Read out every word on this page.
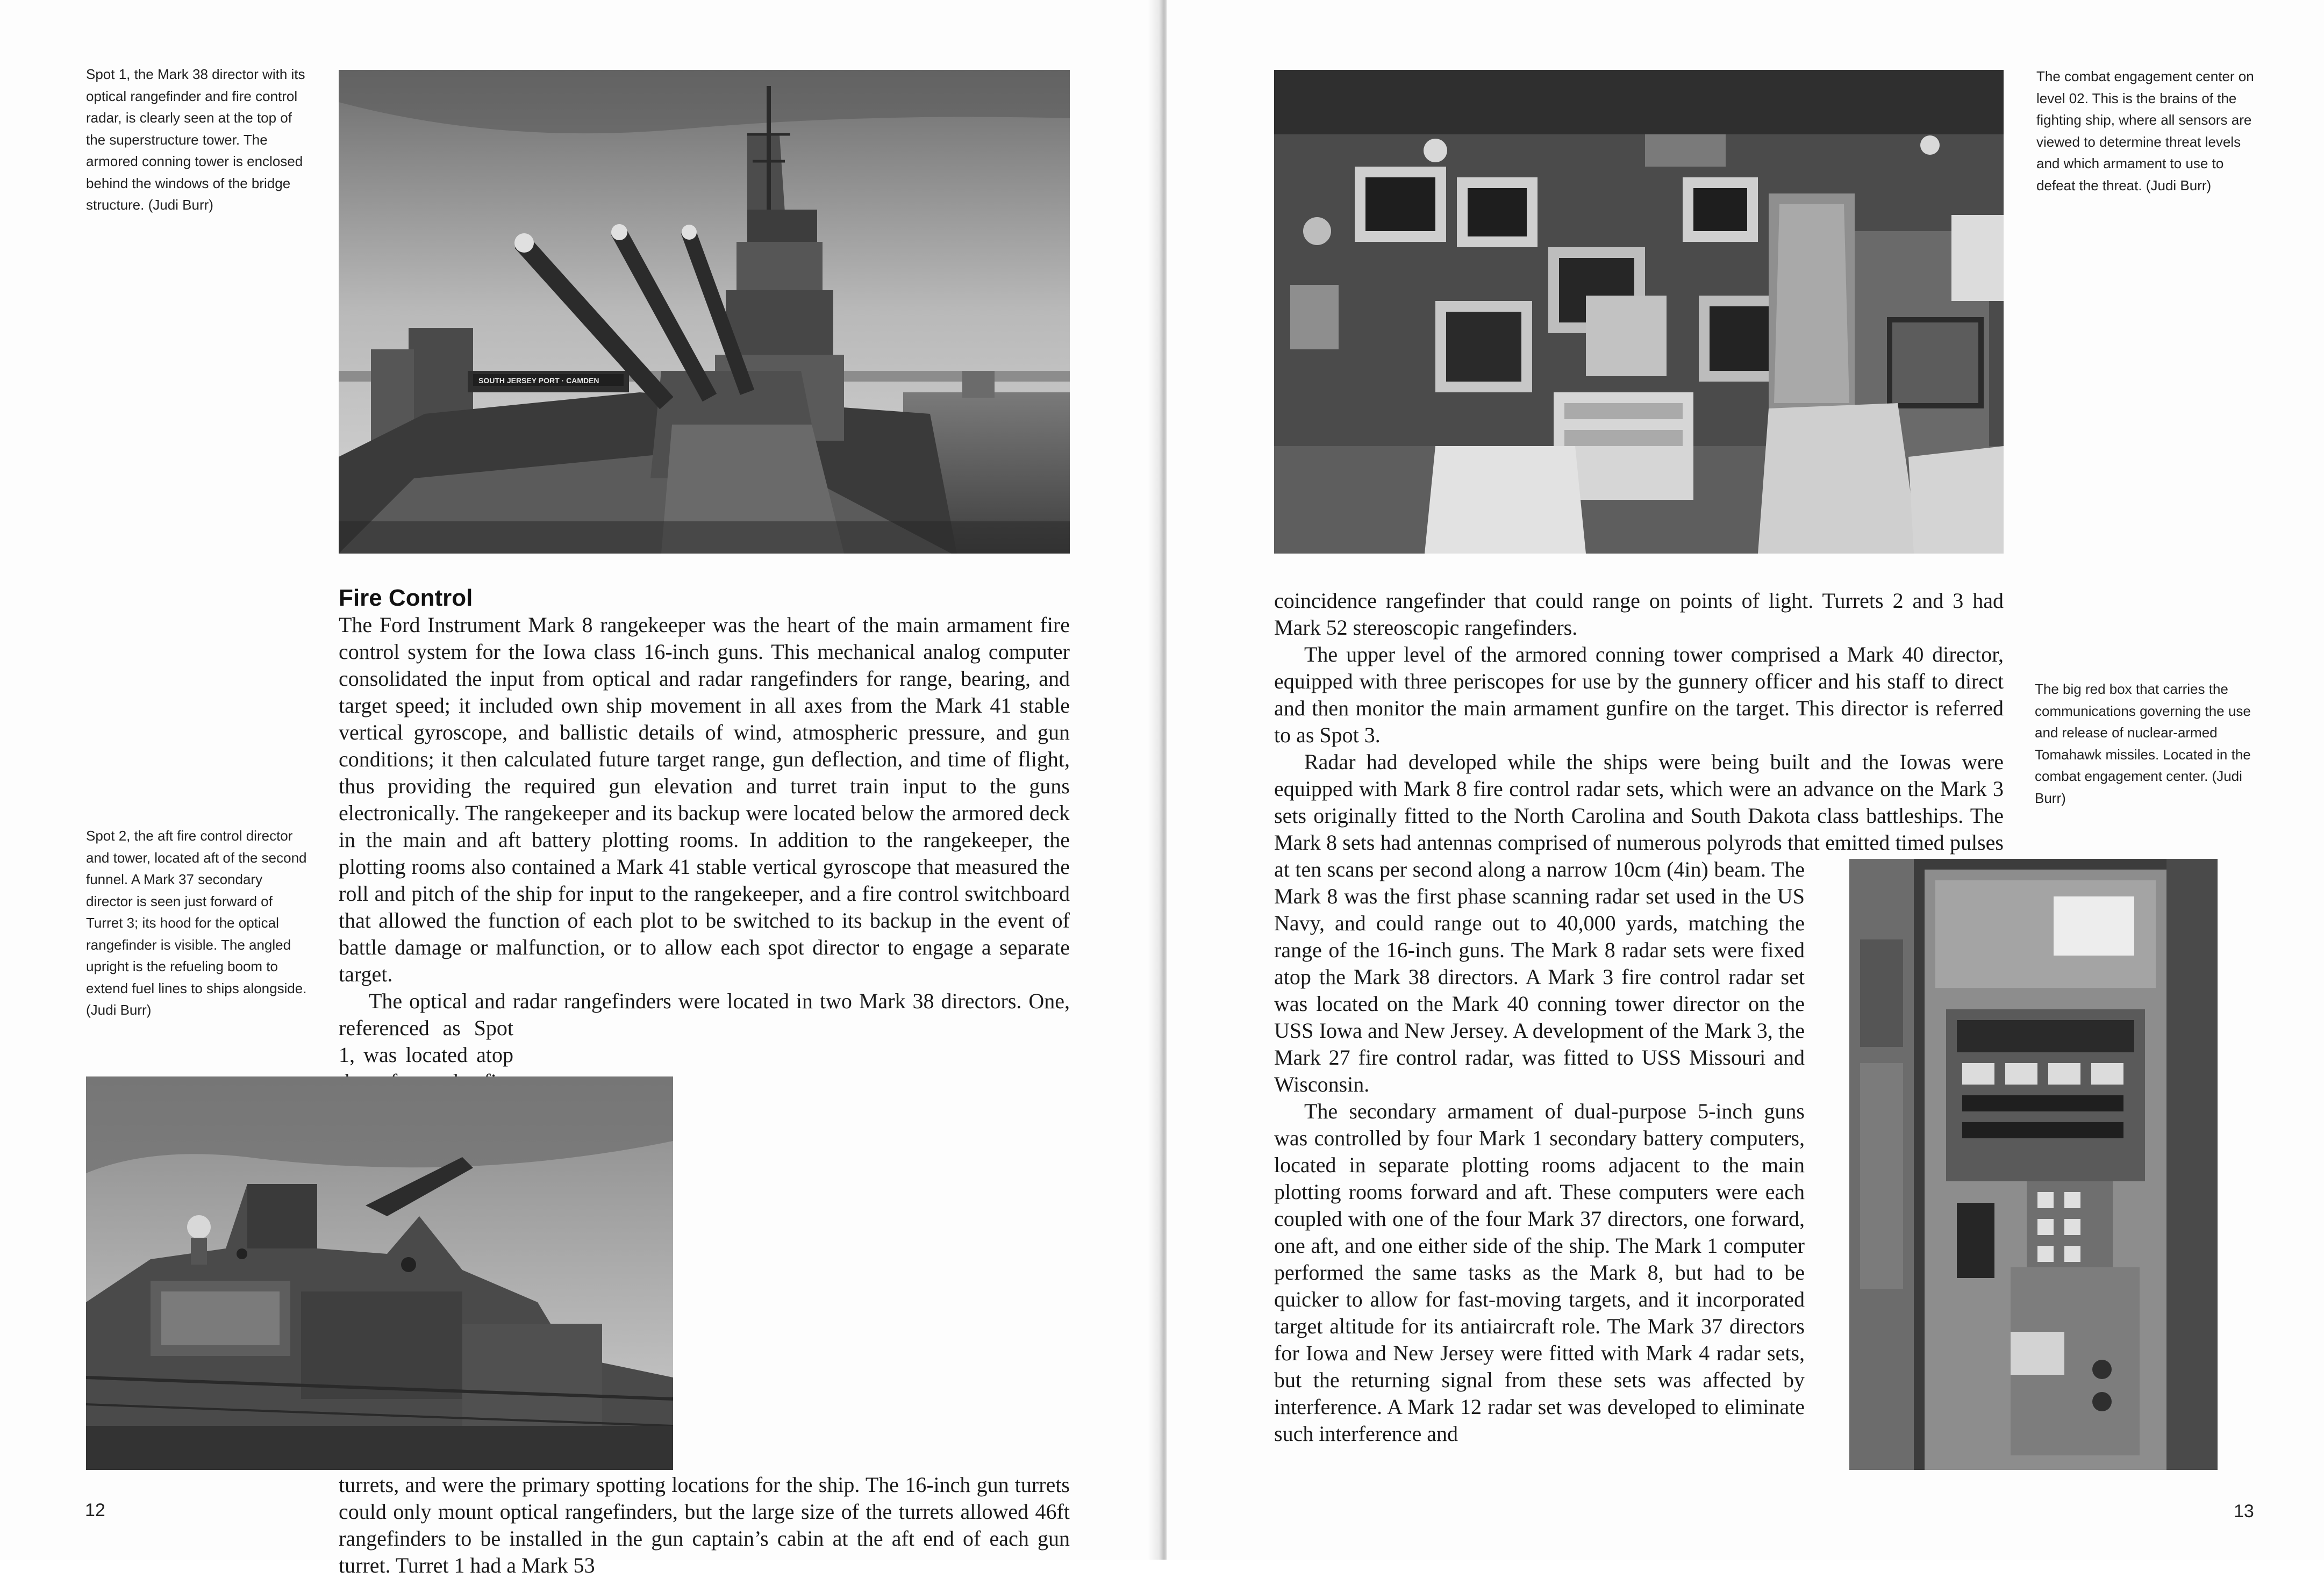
Spot 1, the Mark 38 director with its optical rangefinder and fire control radar, is clearly seen at the top of the superstructure tower. The armored conning tower is enclosed behind the windows of the bridge structure. (Judi Burr)
SOUTH JERSEY PORT · CAMDEN
Fire Control

The Ford Instrument Mark 8 rangekeeper was the heart of the main armament fire control system for the Iowa class 16-inch guns. This mechanical analog computer consolidated the input from optical and radar rangefinders for range, bearing, and target speed; it included own ship movement in all axes from the Mark 41 stable vertical gyroscope, and ballistic details of wind, atmospheric pressure, and gun conditions; it then calculated future target range, gun deflection, and time of flight, thus providing the required gun elevation and turret train input to the guns electronically. The rangekeeper and its backup were located below the armored deck in the main and aft battery plotting rooms. In addition to the rangekeeper, the plotting rooms also contained a Mark 41 stable vertical gyroscope that measured the roll and pitch of the ship for input to the rangekeeper, and a fire control switchboard that allowed the function of each plot to be switched to its backup in the event of battle damage or malfunction, or to allow each spot director to engage a separate target.

The optical and radar rangefinders were located in two Mark 38 directors. One, referenced as Spot 1, was located atop turrets, and were the primary spotting locations for the ship. The 16-inch gun turrets could only mount optical rangefinders, but the large size of the turrets allowed 46ft rangefinders to be installed in the gun captain’s cabin at the aft end of each gun turret. Turret 1 had a Mark 53

Spot 2, the aft fire control director and tower, located aft of the second funnel. A Mark 37 secondary director is seen just forward of Turret 3; its hood for the optical rangefinder is visible. The angled upright is the refueling boom to extend fuel lines to ships alongside. (Judi Burr)
12
The combat engagement center on level 02. This is the brains of the fighting ship, where all sensors are viewed to determine threat levels and which armament to use to defeat the threat. (Judi Burr)

coincidence rangefinder that could range on points of light. Turrets 2 and 3 had Mark 52 stereoscopic rangefinders.

The upper level of the armored conning tower comprised a Mark 40 director, equipped with three periscopes for use by the gunnery officer and his staff to direct and then monitor the main armament gunfire on the target. This director is referred to as Spot 3.

Radar had developed while the ships were being built and the Iowas were equipped with Mark 8 fire control radar sets, which were an advance on the Mark 3 sets originally fitted to the North Carolina and South Dakota class battleships. The Mark 8 sets had antennas comprised of numerous polyrods that emitted timed pulses at ten scans per second along a narrow 10cm (4in) beam. The Mark 8 was the first phase scanning radar set used in the US Navy, and could range out to 40,000 yards, matching the range of the 16-inch guns. The Mark 8 radar sets were fixed atop the Mark 38 directors. A Mark 3 fire control radar set was located on the Mark 40 conning tower director on the USS Iowa and New Jersey. A development of the Mark 3, the Mark 27 fire control radar, was fitted to USS Missouri and Wisconsin.

The secondary armament of dual-purpose 5-inch guns was controlled by four Mark 1 secondary battery computers, located in separate plotting rooms adjacent to the main plotting rooms forward and aft. These computers were each coupled with one of the four Mark 37 directors, one forward, one aft, and one either side of the ship. The Mark 1 computer performed the same tasks as the Mark 8, but had to be quicker to allow for fast-moving targets, and it incorporated target altitude for its antiaircraft role. The Mark 37 directors for Iowa and New Jersey were fitted with Mark 4 radar sets, but the returning signal from these sets was affected by interference. A Mark 12 radar set was developed to eliminate such interference and

The big red box that carries the communications governing the use and release of nuclear-armed Tomahawk missiles. Located in the combat engagement center. (Judi Burr)
13
